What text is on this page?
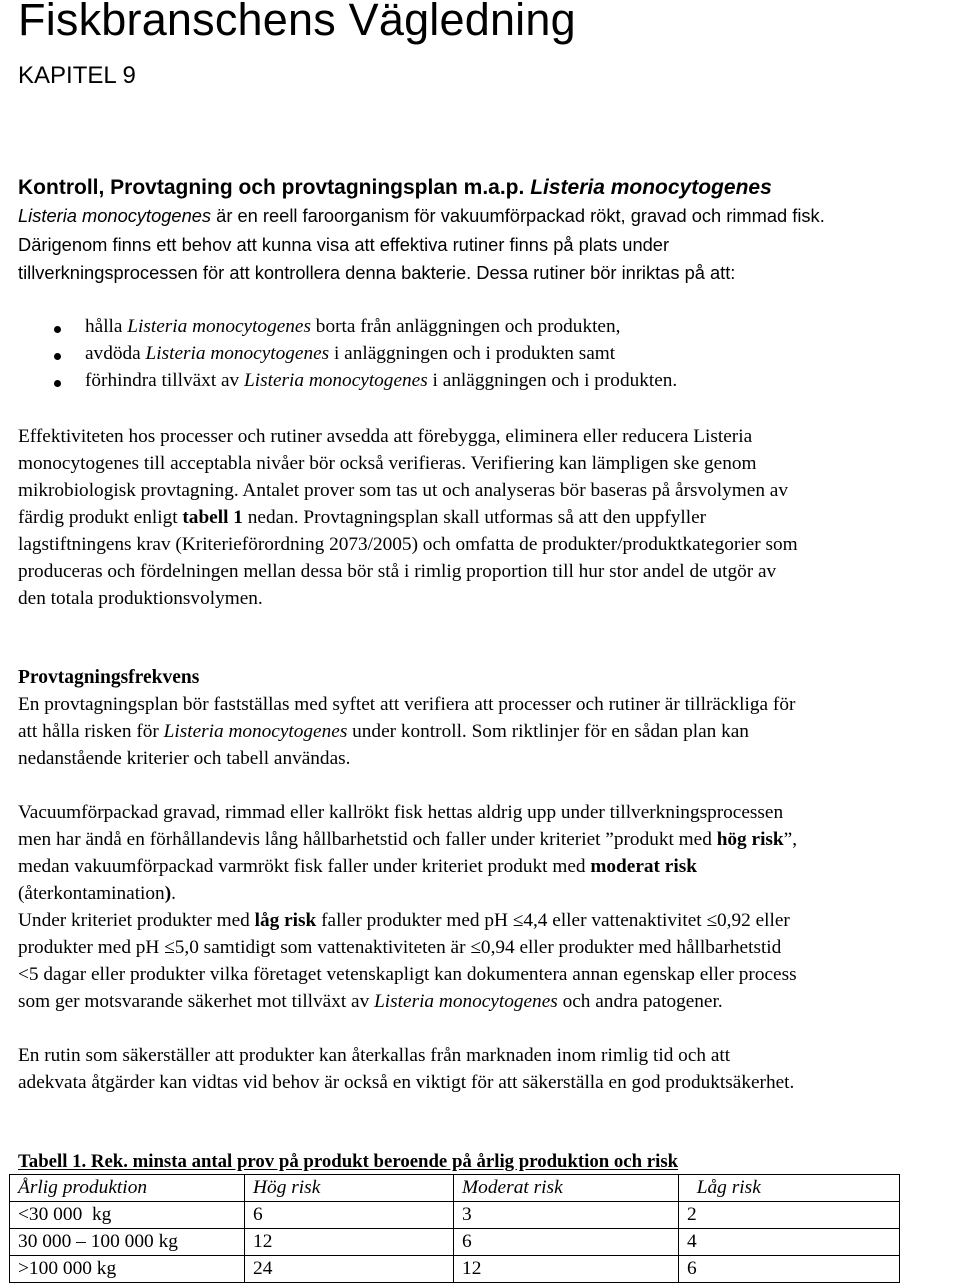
Fiskbranschens Vägledning
KAPITEL 9
Kontroll, Provtagning och provtagningsplan m.a.p. Listeria monocytogenes
Listeria monocytogenes är en reell faroorganism för vakuumförpackad rökt, gravad och rimmad fisk.
Därigenom finns ett behov att kunna visa att effektiva rutiner finns på plats under
tillverkningsprocessen för att kontrollera denna bakterie. Dessa rutiner bör inriktas på att:
hålla Listeria monocytogenes borta från anläggningen och produkten,
avdöda Listeria monocytogenes i anläggningen och i produkten samt
förhindra tillväxt av Listeria monocytogenes i anläggningen och i produkten.
Effektiviteten hos processer och rutiner avsedda att förebygga, eliminera eller reducera Listeria
monocytogenes till acceptabla nivåer bör också verifieras. Verifiering kan lämpligen ske genom
mikrobiologisk provtagning. Antalet prover som tas ut och analyseras bör baseras på årsvolymen av
färdig produkt enligt tabell 1 nedan. Provtagningsplan skall utformas så att den uppfyller
lagstiftningens krav (Kriterieförordning 2073/2005) och omfatta de produkter/produktkategorier som
produceras och fördelningen mellan dessa bör stå i rimlig proportion till hur stor andel de utgör av
den totala produktionsvolymen.
Provtagningsfrekvens
En provtagningsplan bör fastställas med syftet att verifiera att processer och rutiner är tillräckliga för
att hålla risken för Listeria monocytogenes under kontroll. Som riktlinjer för en sådan plan kan
nedanstående kriterier och tabell användas.
Vacuumförpackad gravad, rimmad eller kallrökt fisk hettas aldrig upp under tillverkningsprocessen
men har ändå en förhållandevis lång hållbarhetstid och faller under kriteriet ”produkt med hög risk”,
medan vakuumförpackad varmrökt fisk faller under kriteriet produkt med moderat risk
(återkontamination).
Under kriteriet produkter med låg risk faller produkter med pH ≤4,4 eller vattenaktivitet ≤0,92 eller
produkter med pH ≤5,0 samtidigt som vattenaktiviteten är ≤0,94 eller produkter med hållbarhetstid
<5 dagar eller produkter vilka företaget vetenskapligt kan dokumentera annan egenskap eller process
som ger motsvarande säkerhet mot tillväxt av Listeria monocytogenes och andra patogener.
En rutin som säkerställer att produkter kan återkallas från marknaden inom rimlig tid och att
adekvata åtgärder kan vidtas vid behov är också en viktigt för att säkerställa en god produktsäkerhet.
Tabell 1. Rek. minsta antal prov på produkt beroende på årlig produktion och risk
Årlig produktion	Hög risk	Moderat risk	Låg risk
<30 000  kg	6	3	2
30 000 – 100 000 kg	12	6	4
>100 000 kg	24	12	6
